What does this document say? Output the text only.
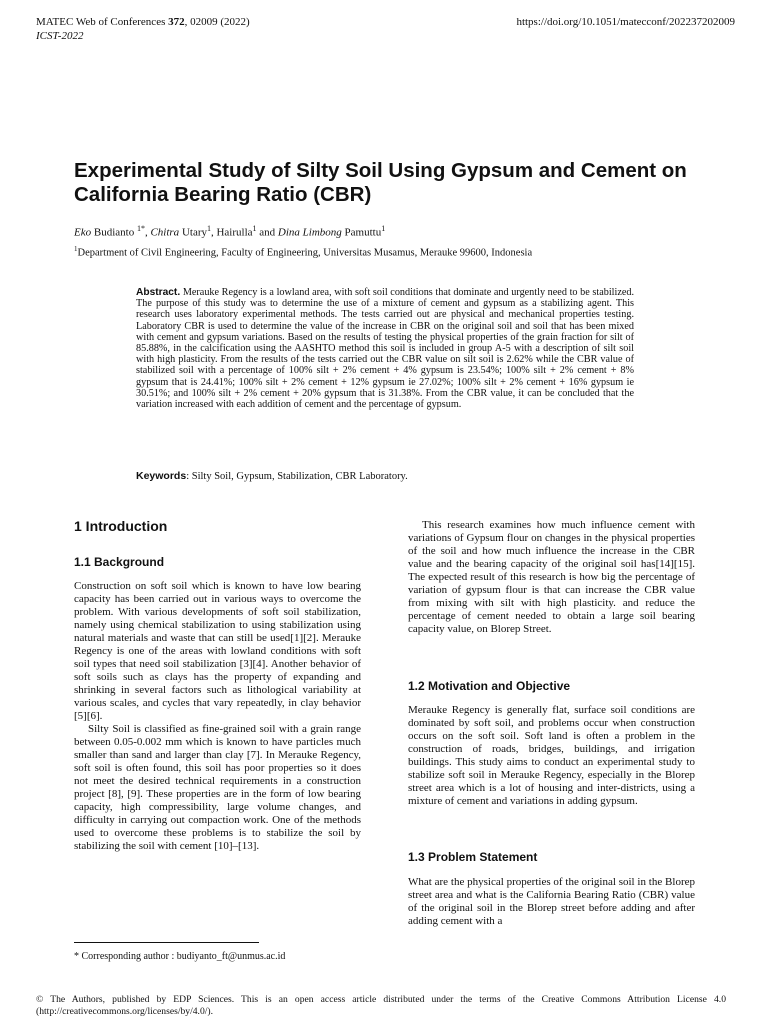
MATEC Web of Conferences 372, 02009 (2022)
ICST-2022
https://doi.org/10.1051/matecconf/202237202009
Experimental Study of Silty Soil Using Gypsum and Cement on
California Bearing Ratio (CBR)
Eko Budianto $^{1*}$, Chitra Utary$^1$, Hairulla$^1$ and Dina Limbong Pamuttu$^1$
$^1$Department of Civil Engineering, Faculty of Engineering, Universitas Musamus, Merauke 99600, Indonesia
Abstract. Merauke Regency is a lowland area, with soft soil conditions that dominate and urgently need to be stabilized. The purpose of this study was to determine the use of a mixture of cement and gypsum as a stabilizing agent. This research uses laboratory experimental methods. The tests carried out are physical and mechanical properties testing. Laboratory CBR is used to determine the value of the increase in CBR on the original soil and soil that has been mixed with cement and gypsum variations. Based on the results of testing the physical properties of the grain fraction for silt of 85.88%, in the calcification using the AASHTO method this soil is included in group A-5 with a description of silt soil with high plasticity. From the results of the tests carried out the CBR value on silt soil is 2.62% while the CBR value of stabilized soil with a percentage of 100% silt + 2% cement + 4% gypsum is 23.54%; 100% silt + 2% cement + 8% gypsum that is 24.41%; 100% silt + 2% cement + 12% gypsum ie 27.02%; 100% silt + 2% cement + 16% gypsum ie 30.51%; and 100% silt + 2% cement + 20% gypsum that is 31.38%. From the CBR value, it can be concluded that the variation increased with each addition of cement and the percentage of gypsum.
Keywords: Silty Soil, Gypsum, Stabilization, CBR Laboratory.
1 Introduction
1.1 Background

Construction on soft soil which is known to have low bearing capacity has been carried out in various ways to overcome the problem. With various developments of soft soil stabilization, namely using chemical stabilization to using stabilization using natural materials and waste that can still be used[1][2]. Merauke Regency is one of the areas with lowland conditions with soft soil types that need soil stabilization [3][4]. Another behavior of soft soils such as clays has the property of expanding and shrinking in several factors such as lithological variability at various scales, and cycles that vary repeatedly, in clay behavior [5][6].

Silty Soil is classified as fine-grained soil with a grain range between 0.05-0.002 mm which is known to have particles much smaller than sand and larger than clay [7]. In Merauke Regency, soft soil is often found, this soil has poor properties so it does not meet the desired technical requirements in a construction project [8], [9]. These properties are in the form of low bearing capacity, high compressibility, large volume changes, and difficulty in carrying out compaction work. One of the methods used to overcome these problems is to stabilize the soil by stabilizing the soil with cement [10]–[13].

This research examines how much influence cement with variations of Gypsum flour on changes in the physical properties of the soil and how much influence the increase in the CBR value and the bearing capacity of the original soil has[14][15]. The expected result of this research is how big the percentage of variation of gypsum flour is that can increase the CBR value from mixing with silt with high plasticity. and reduce the percentage of cement needed to obtain a large soil bearing capacity value, on Blorep Street.

1.2 Motivation and Objective

Merauke Regency is generally flat, surface soil conditions are dominated by soft soil, and problems occur when construction occurs on the soft soil. Soft land is often a problem in the construction of roads, bridges, buildings, and irrigation buildings. This study aims to conduct an experimental study to stabilize soft soil in Merauke Regency, especially in the Blorep street area which is a lot of housing and inter-districts, using a mixture of cement and variations in adding gypsum.

1.3 Problem Statement

What are the physical properties of the original soil in the Blorep street area and what is the California Bearing Ratio (CBR) value of the original soil in the Blorep street before adding and after adding cement with a

* Corresponding author : budiyanto_ft@unmus.ac.id
© The Authors, published by EDP Sciences. This is an open access article distributed under the terms of the Creative Commons Attribution License 4.0 (http://creativecommons.org/licenses/by/4.0/).
